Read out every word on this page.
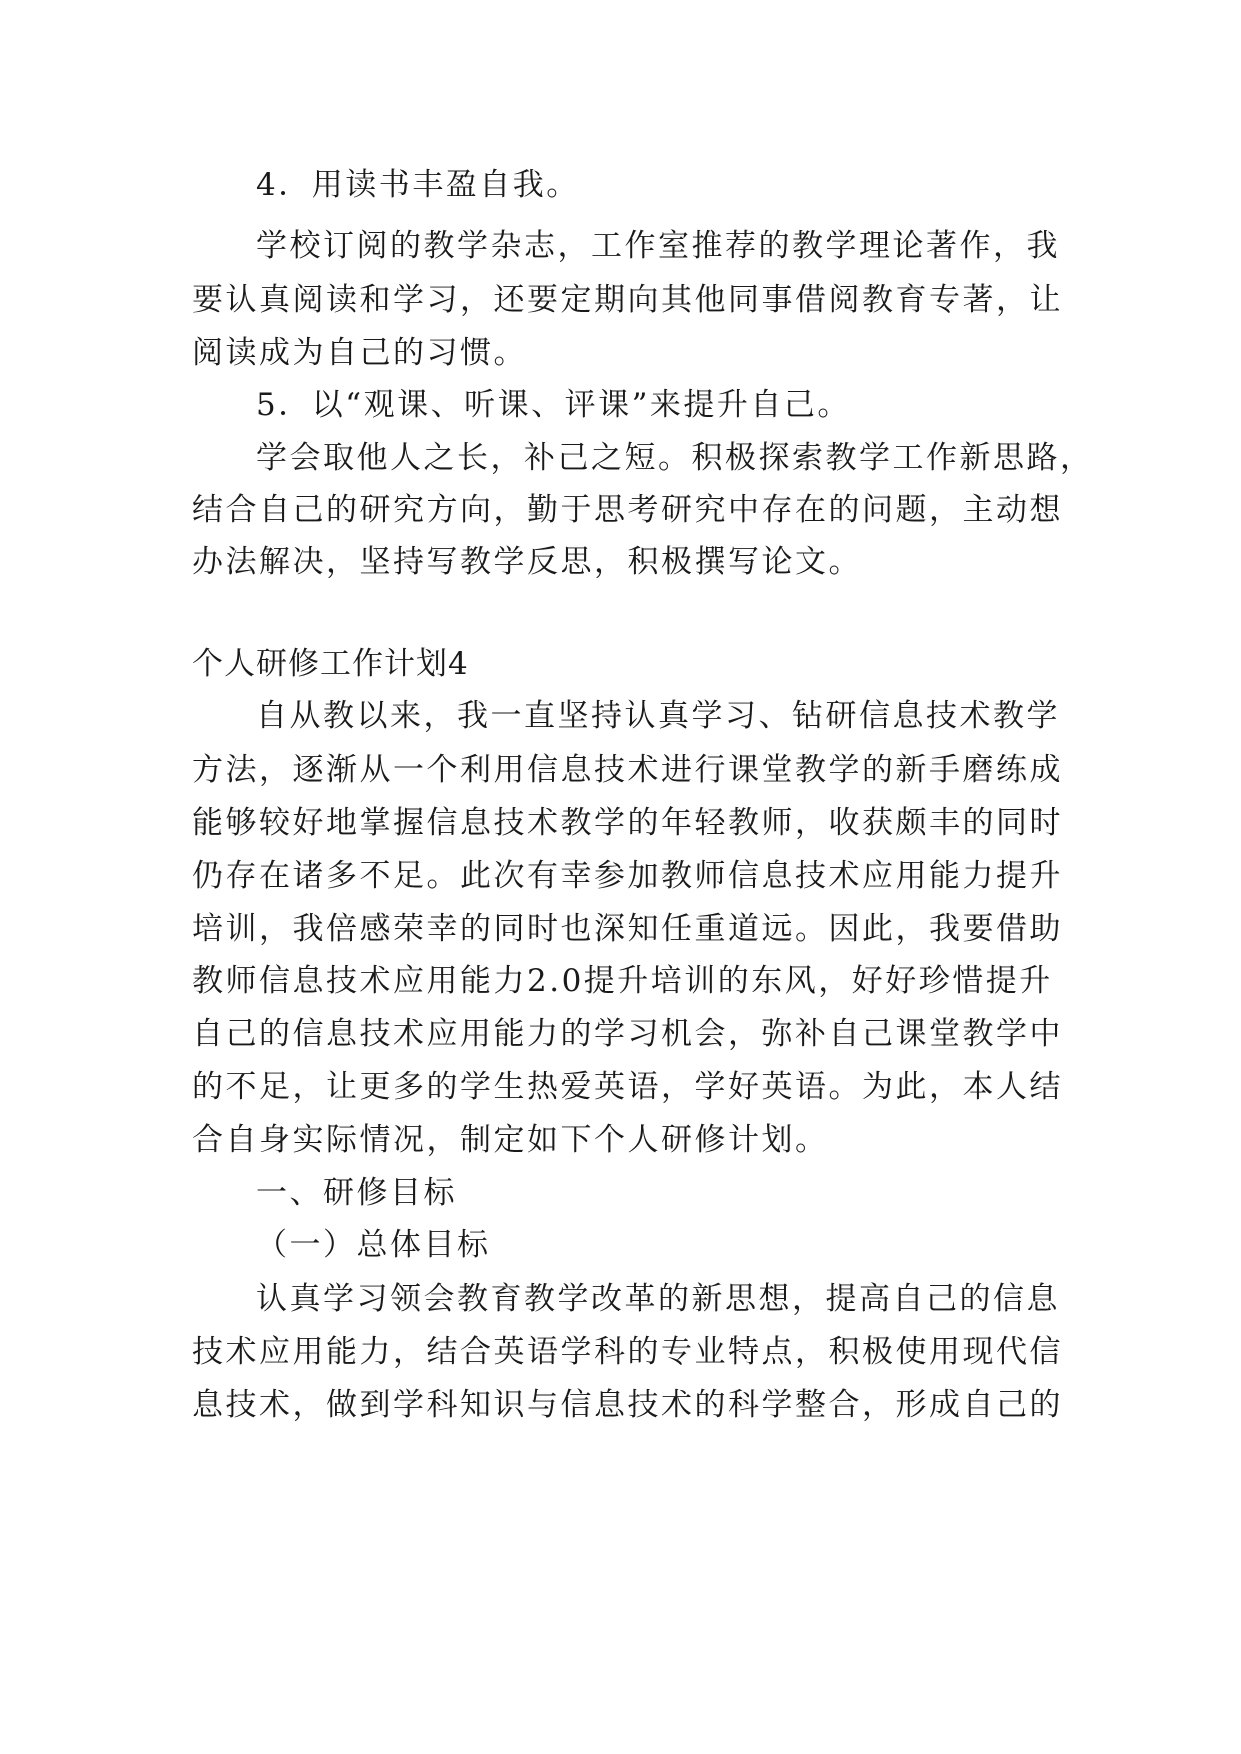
4．用读书丰盈自我。
学校订阅的教学杂志，工作室推荐的教学理论著作，我
要认真阅读和学习，还要定期向其他同事借阅教育专著，让
阅读成为自己的习惯。
5．以“观课、听课、评课”来提升自己。
学会取他人之长，补己之短。积极探索教学工作新思路，
结合自己的研究方向，勤于思考研究中存在的问题，主动想
办法解决，坚持写教学反思，积极撰写论文。
个人研修工作计划4
自从教以来，我一直坚持认真学习、钻研信息技术教学
方法，逐渐从一个利用信息技术进行课堂教学的新手磨练成
能够较好地掌握信息技术教学的年轻教师，收获颇丰的同时
仍存在诸多不足。此次有幸参加教师信息技术应用能力提升
培训，我倍感荣幸的同时也深知任重道远。因此，我要借助
教师信息技术应用能力2.0提升培训的东风，好好珍惜提升
自己的信息技术应用能力的学习机会，弥补自己课堂教学中
的不足，让更多的学生热爱英语，学好英语。为此，本人结
合自身实际情况，制定如下个人研修计划。
一、研修目标
（一）总体目标
认真学习领会教育教学改革的新思想，提高自己的信息
技术应用能力，结合英语学科的专业特点，积极使用现代信
息技术，做到学科知识与信息技术的科学整合，形成自己的
